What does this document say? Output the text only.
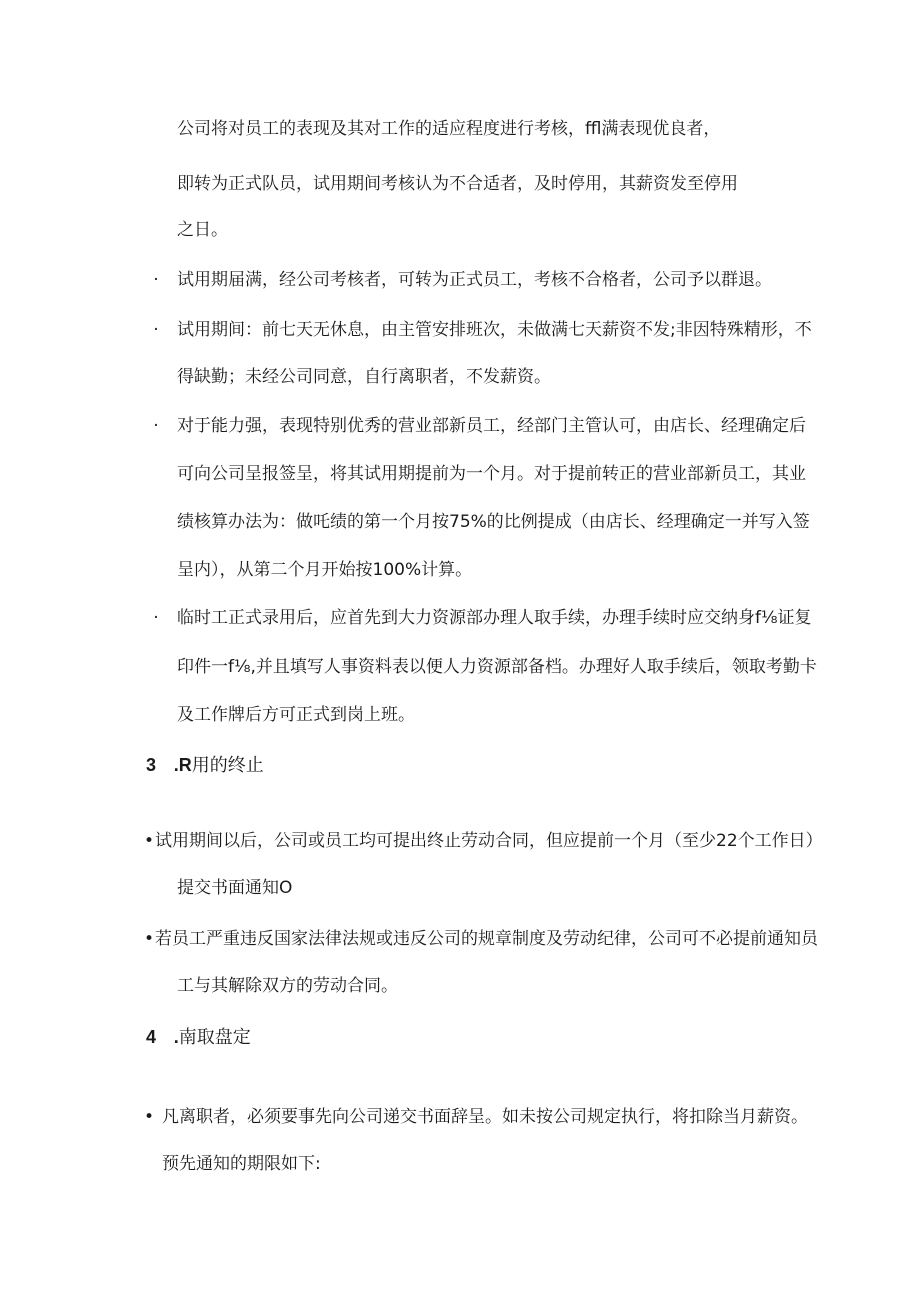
公司将对员工的表现及其对工作的适应程度进行考核，ffl满表现优良者，
即转为正式队员，试用期间考核认为不合适者，及时停用，其薪资发至停用
之日。
· 试用期届满，经公司考核者，可转为正式员工，考核不合格者，公司予以群退。
· 试用期间：前七天无休息，由主管安排班次，未做满七天薪资不发;非因特殊精形，不
得缺勤；未经公司同意，自行离职者，不发薪资。
· 对于能力强，表现特别优秀的营业部新员工，经部门主管认可，由店长、经理确定后
可向公司呈报签呈，将其试用期提前为一个月。对于提前转正的营业部新员工，其业
绩核算办法为：做吒绩的第一个月按75%的比例提成（由店长、经理确定一并写入签
呈内），从第二个月开始按100%计算。
· 临时工正式录用后，应首先到大力资源部办理人取手续，办理手续时应交纳身f⅛证复
印件一f⅛,并且填写人事资料表以便人力资源部备档。办理好人取手续后，领取考勤卡
及工作牌后方可正式到岗上班。
3 .R用的终止
• 试用期间以后，公司或员工均可提出终止劳动合同，但应提前一个月（至少22个工作日）
提交书面通知O
• 若员工严重违反国家法律法规或违反公司的规章制度及劳动纪律，公司可不必提前通知员
工与其解除双方的劳动合同。
4 .南取盘定
• 凡离职者，必须要事先向公司递交书面辞呈。如未按公司规定执行，将扣除当月薪资。
预先通知的期限如下:
